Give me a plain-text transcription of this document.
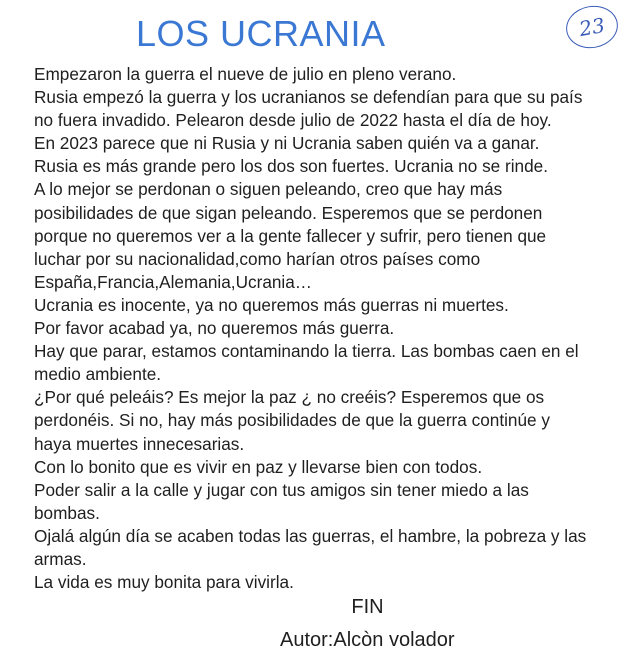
LOS UCRANIA	23
Empezaron la guerra el nueve de julio en pleno verano.
Rusia empezó la guerra y los ucranianos se defendían para que su país
no fuera invadido. Pelearon desde julio de 2022 hasta el día de hoy.
En 2023 parece que ni Rusia y ni Ucrania saben quién va a ganar.
Rusia es más grande pero los dos son fuertes. Ucrania no se rinde.
A lo mejor se perdonan o siguen peleando, creo que hay más
posibilidades de que sigan peleando. Esperemos que se perdonen
porque no queremos ver a la gente fallecer y sufrir, pero tienen que
luchar por su nacionalidad,como harían otros países como
España,Francia,Alemania,Ucrania…
Ucrania es inocente, ya no queremos más guerras ni muertes.
Por favor acabad ya, no queremos más guerra.
Hay que parar, estamos contaminando la tierra. Las bombas caen en el
medio ambiente.
¿Por qué peleáis? Es mejor la paz ¿ no creéis? Esperemos que os
perdonéis. Si no, hay más posibilidades de que la guerra continúe y
haya muertes innecesarias.
Con lo bonito que es vivir en paz y llevarse bien con todos.
Poder salir a la calle y jugar con tus amigos sin tener miedo a las
bombas.
Ojalá algún día se acaben todas las guerras, el hambre, la pobreza y las
armas.
La vida es muy bonita para vivirla.
FIN
Autor:Alcòn volador
